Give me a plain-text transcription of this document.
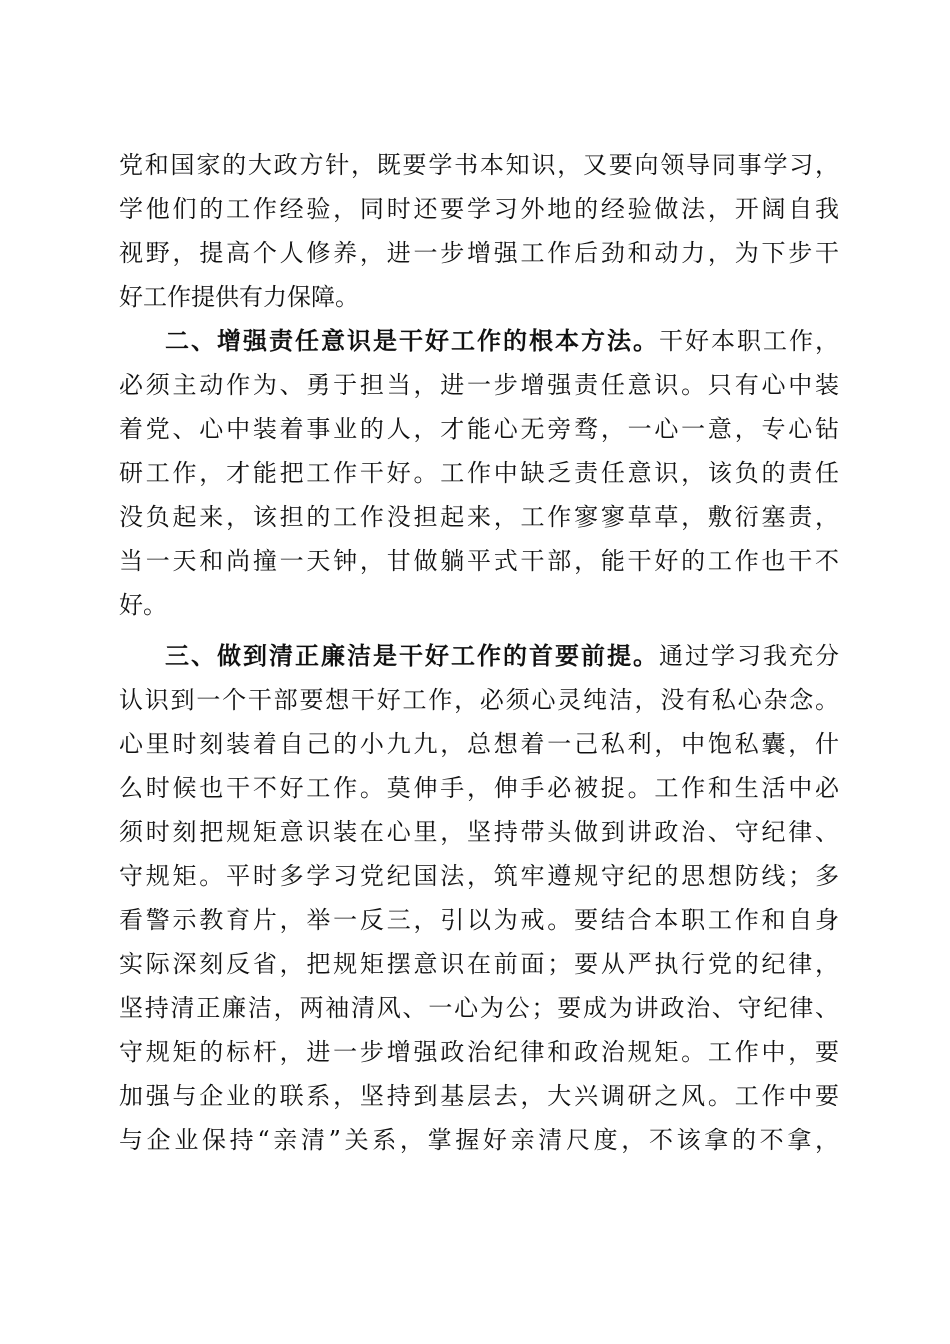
党和国家的大政方针，既要学书本知识，又要向领导同事学习，
学他们的工作经验，同时还要学习外地的经验做法，开阔自我
视野，提高个人修养，进一步增强工作后劲和动力，为下步干
好工作提供有力保障。
二、增强责任意识是干好工作的根本方法。干好本职工作，
必须主动作为、勇于担当，进一步增强责任意识。只有心中装
着党、心中装着事业的人，才能心无旁骛，一心一意，专心钻
研工作，才能把工作干好。工作中缺乏责任意识，该负的责任
没负起来，该担的工作没担起来，工作寥寥草草，敷衍塞责，
当一天和尚撞一天钟，甘做躺平式干部，能干好的工作也干不
好。
三、做到清正廉洁是干好工作的首要前提。通过学习我充分
认识到一个干部要想干好工作，必须心灵纯洁，没有私心杂念。
心里时刻装着自己的小九九，总想着一己私利，中饱私囊，什
么时候也干不好工作。莫伸手，伸手必被捉。工作和生活中必
须时刻把规矩意识装在心里，坚持带头做到讲政治、守纪律、
守规矩。平时多学习党纪国法，筑牢遵规守纪的思想防线；多
看警示教育片，举一反三，引以为戒。要结合本职工作和自身
实际深刻反省，把规矩摆意识在前面；要从严执行党的纪律，
坚持清正廉洁，两袖清风、一心为公；要成为讲政治、守纪律、
守规矩的标杆，进一步增强政治纪律和政治规矩。工作中，要
加强与企业的联系，坚持到基层去，大兴调研之风。工作中要
与企业保持“亲清”关系，掌握好亲清尺度，不该拿的不拿，
